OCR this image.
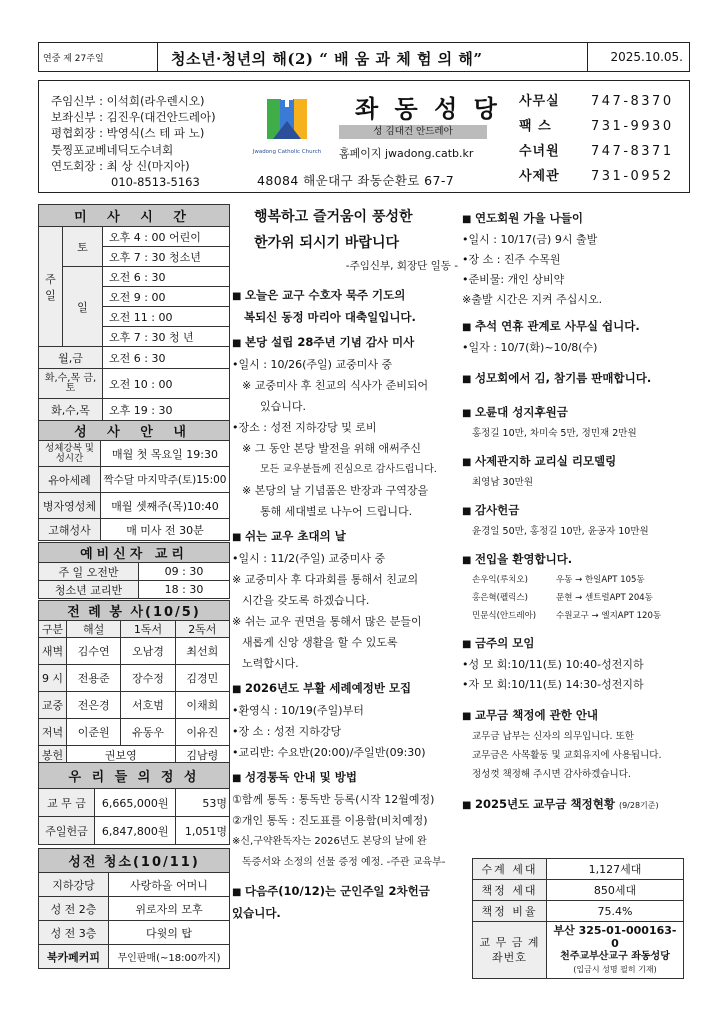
연중 제 27주일	청소년·청년의 해(2) “ 배 움 과 체 험 의 해”	2025.10.05.
주임신부 : 이석희(라우렌시오)
보좌신부 : 김진우(대건안드레아)
평협회장 : 박영식(스 테 파 노)
툿찡포교베네딕도수녀회
연도회장 : 최 상 신(마지아)
010-8513-5163
Jwadong Catholic Church
좌 동 성 당
성 김대건 안드레아
홈페이지 jwadong.catb.kr
48084 해운대구 좌동순환로 67-7
사무실	747-8370
팩 스	731-9930
수녀원	747-8371
사제관	731-0952
미 사 시 간		
주일	토	오후 4 : 00 어린이
		오후 7 : 30 청소년
	일	오전 6 : 30
		오전 9 : 00
		오전 11 : 00
		오후 7 : 30 청 년
월,금		오전 6 : 30
화,수,목 금,토		오전 10 : 00
화,수,목		오후 19 : 30
성 사 안 내	
성체강복 및 성시간	매월 첫 목요일 19:30
유아세례	짝수달 마지막주(토)15:00
병자영성체	매월 셋째주(목)10:40
고해성사	매 미사 전 30분
예비신자 교리	
주 일 오전반	09 : 30
청소년 교리반	18 : 30
전 례 봉 사(10/5)			
구분	해설	1독서	2독서
새벽	김수연	오남경	최선희
9 시	전용준	장수정	김경민
교중	전은경	서호범	이채희
저녁	이준원	유동우	이유진
봉헌	권보영		김남령
우 리 들 의 정 성		
교 무 금	6,665,000원	53명
주일헌금	6,847,800원	1,051명
성전 청소(10/11)	
지하강당	사랑하올 어머니
성 전 2층	위로자의 모후
성 전 3층	다윗의 탑
북카페커피	무인판매(~18:00까지)
행복하고 즐거움이 풍성한
한가위 되시기 바랍니다
-주임신부, 회장단 일동 -
■ 오늘은 교구 수호자 묵주 기도의
복되신 동정 마리아 대축일입니다.
■ 본당 설립 28주년 기념 감사 미사
•일시 : 10/26(주일) 교중미사 중
※ 교중미사 후 친교의 식사가 준비되어
있습니다.
•장소 : 성전 지하강당 및 로비
※ 그 동안 본당 발전을 위해 애써주신
모든 교우분들께 진심으로 감사드립니다.
※ 본당의 날 기념품은 반장과 구역장을
통해 세대별로 나누어 드립니다.
■ 쉬는 교우 초대의 날
•일시 : 11/2(주일) 교중미사 중
※ 교중미사 후 다과회를 통해서 친교의
시간을 갖도록 하겠습니다.
※ 쉬는 교우 권면을 통해서 많은 분들이
새롭게 신앙 생활을 할 수 있도록
노력합시다.
■ 2026년도 부활 세례예정반 모집
•환영식 : 10/19(주일)부터
•장 소 : 성전 지하강당
•교리반: 수요반(20:00)/주일반(09:30)
■ 성경통독 안내 및 방법
①함께 통독 : 통독반 등록(시작 12월예정)
②개인 통독 : 진도표를 이용함(비치예정)
※신,구약완독자는 2026년도 본당의 날에 완
독증서와 소정의 선물 증정 예정. -주관 교육부-
■ 다음주(10/12)는 군인주일 2차헌금
있습니다.
■ 연도회원 가을 나들이
•일시 : 10/17(금) 9시 출발
•장 소 : 진주 수목원
•준비물: 개인 상비약
※출발 시간은 지켜 주십시오.
■ 추석 연휴 관계로 사무실 쉽니다.
•일자 : 10/7(화)~10/8(수)
■ 성모회에서 김, 참기름 판매합니다.
■ 오륜대 성지후원금
홍정길 10만, 차미숙 5만, 정민재 2만원
■ 사제관지하 교리실 리모델링
최영남 30만원
■ 감사헌금
윤경일 50만, 홍정길 10만, 윤공자 10만원
■ 전입을 환영합니다.
손우익(루치오)	우동 → 한일APT 105동
홍은혁(펠릭스)	문현 → 센트럴APT 204동
민문식(안드레아)	수원교구 → 엘지APT 120동
■ 금주의 모임
•성 모 회:10/11(토) 10:40-성전지하
•자 모 회:10/11(토) 14:30-성전지하
■ 교무금 책정에 관한 안내
교무금 납부는 신자의 의무입니다. 또한
교무금은 사목활동 및 교회유지에 사용됩니다.
정성껏 책정해 주시면 감사하겠습니다.
■ 2025년도 교무금 책정현황 (9/28기준)
수계 세대	1,127세대
책정 세대	850세대
책정 비율	75.4%
교 무 금 계좌번호	부산 325-01-000163-0
천주교부산교구 좌동성당
(입금시 성명 필히 기재)
